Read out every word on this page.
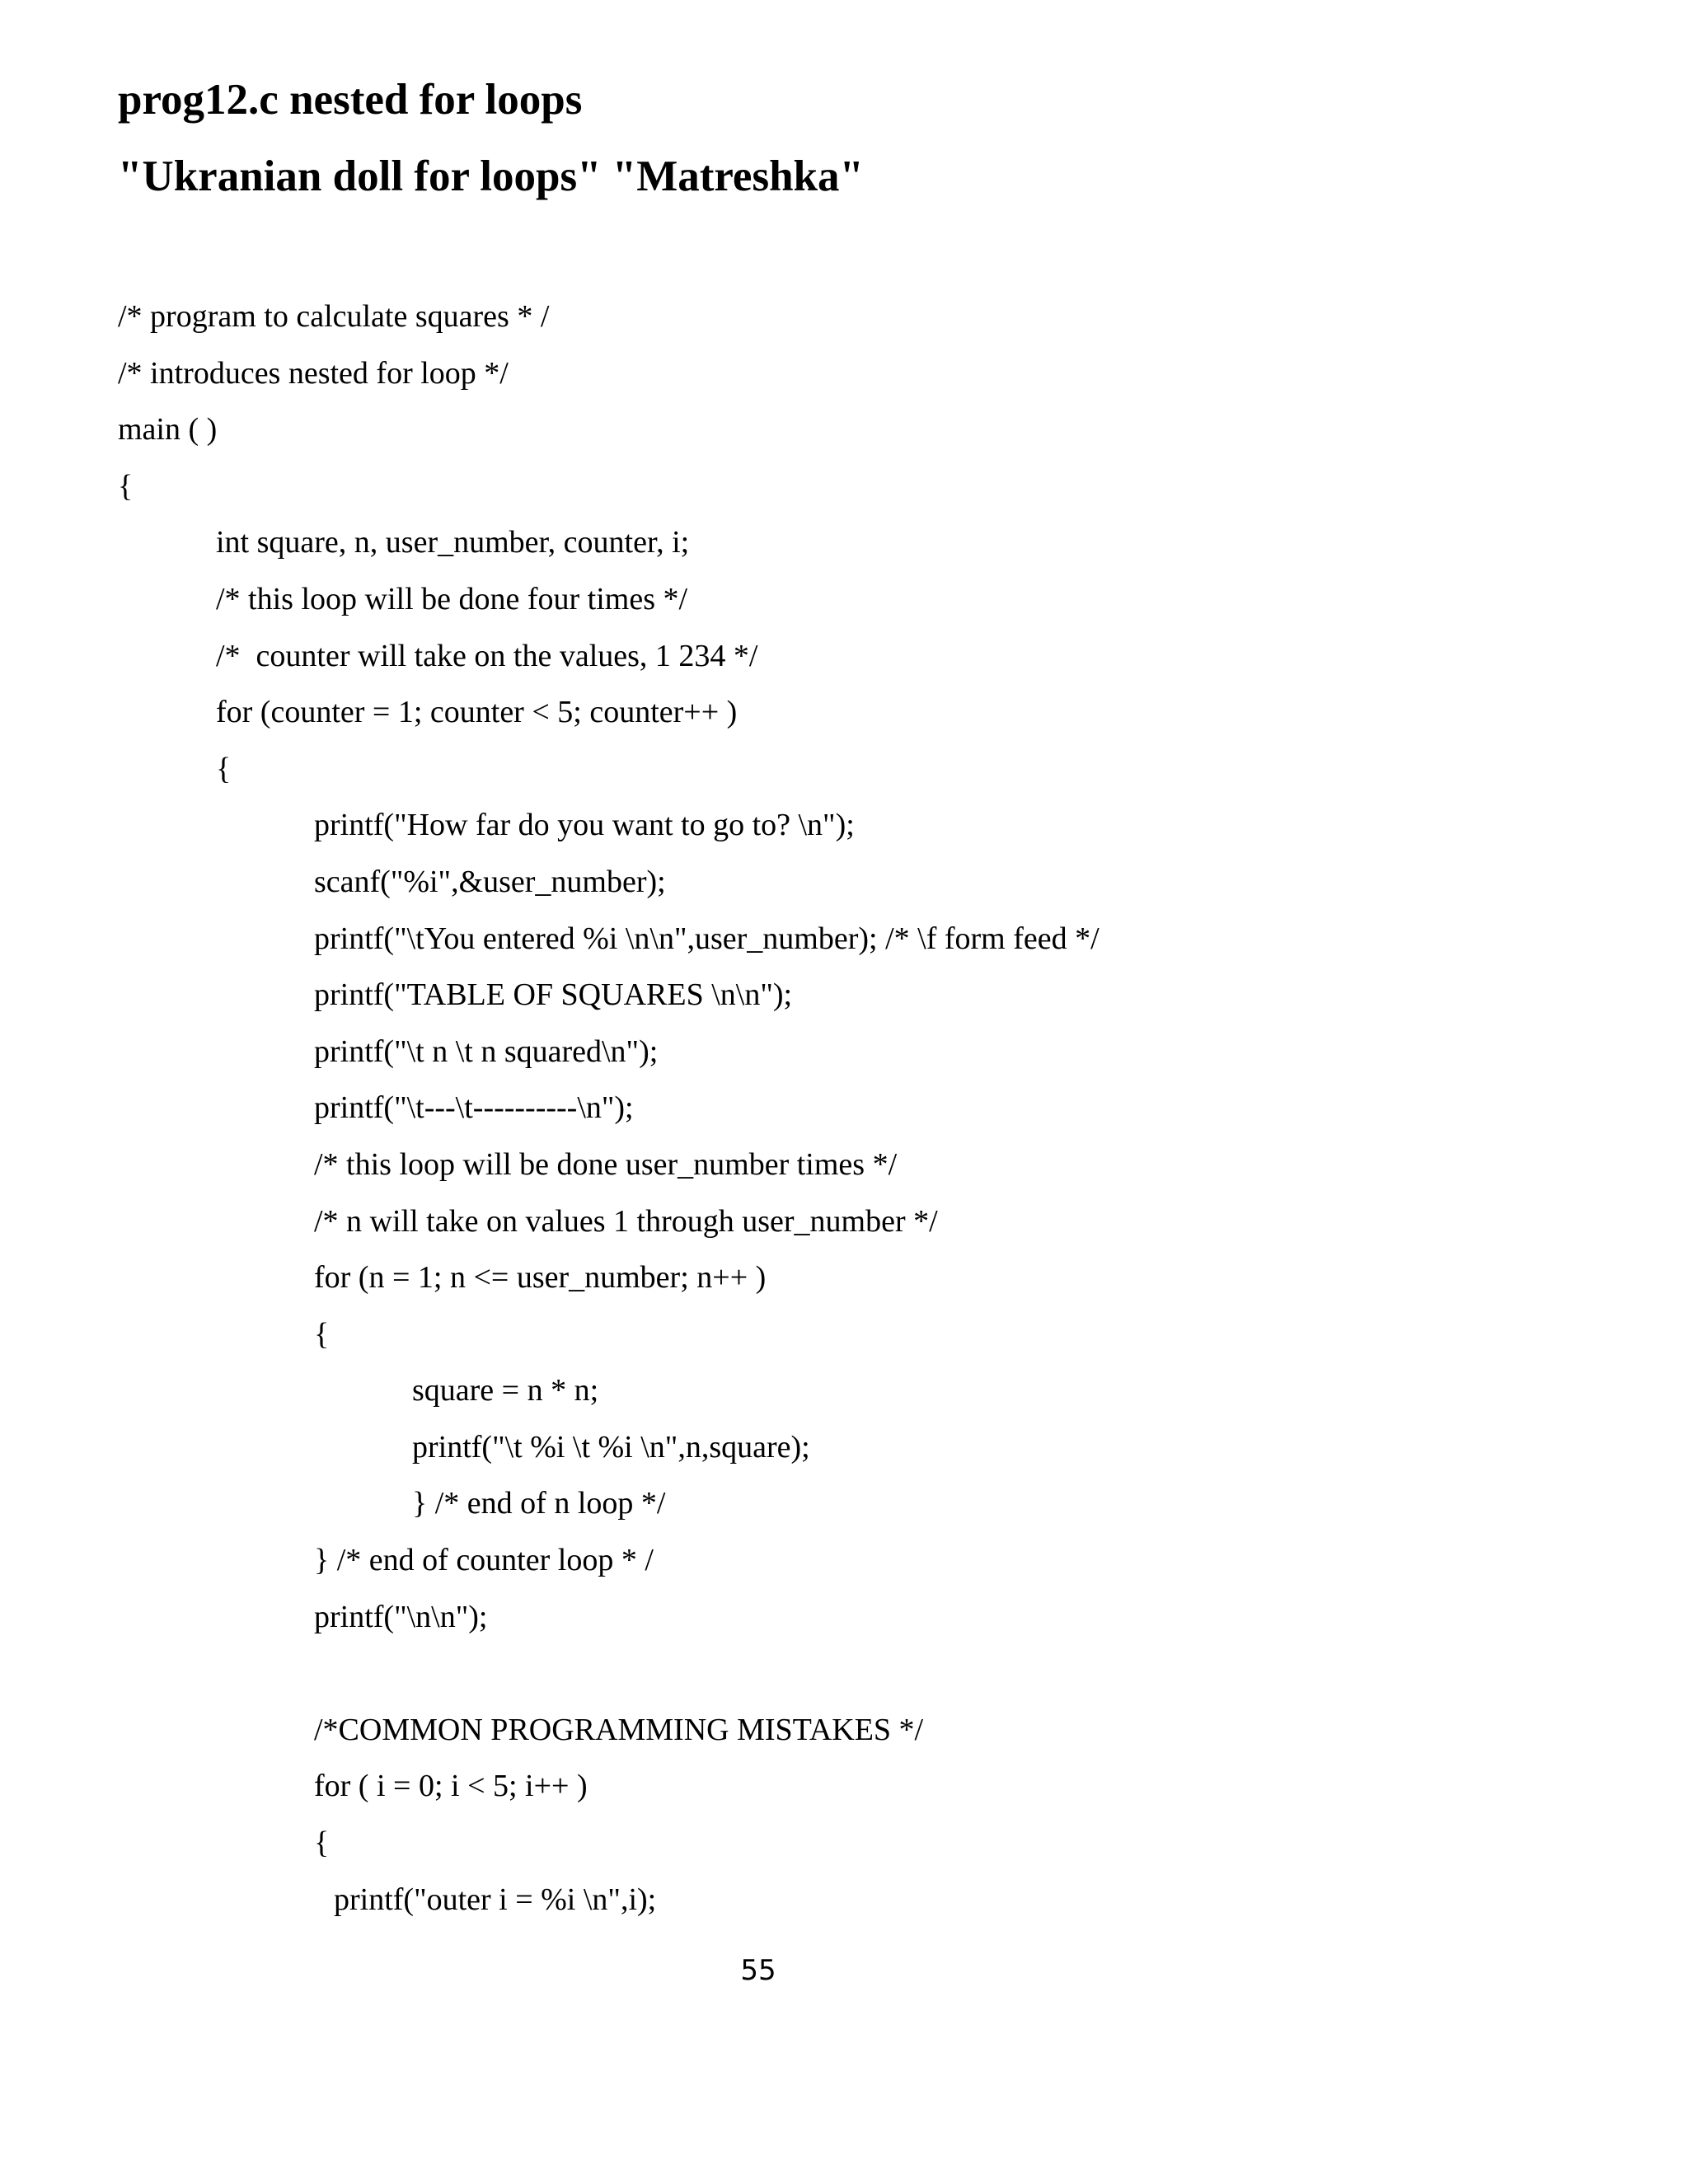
prog12.c nested for loops
"Ukranian doll for loops" "Matreshka"
/* program to calculate squares * /
/* introduces nested for loop */
main ( )
{
int square, n, user_number, counter, i;
/* this loop will be done four times */
/*  counter will take on the values, 1 234 */
for (counter = 1; counter < 5; counter++ )
{
printf("How far do you want to go to? \n");
scanf("%i",&user_number);
printf("\tYou entered %i \n\n",user_number); /* \f form feed */
printf("TABLE OF SQUARES \n\n");
printf("\t n \t n squared\n");
printf("\t---\t----------\n");
/* this loop will be done user_number times */
/* n will take on values 1 through user_number */
for (n = 1; n <= user_number; n++ )
{
square = n * n;
printf("\t %i \t %i \n",n,square);
} /* end of n loop */
} /* end of counter loop * /
printf("\n\n");
/*COMMON PROGRAMMING MISTAKES */
for ( i = 0; i < 5; i++ )
{
printf("outer i = %i \n",i);
55
